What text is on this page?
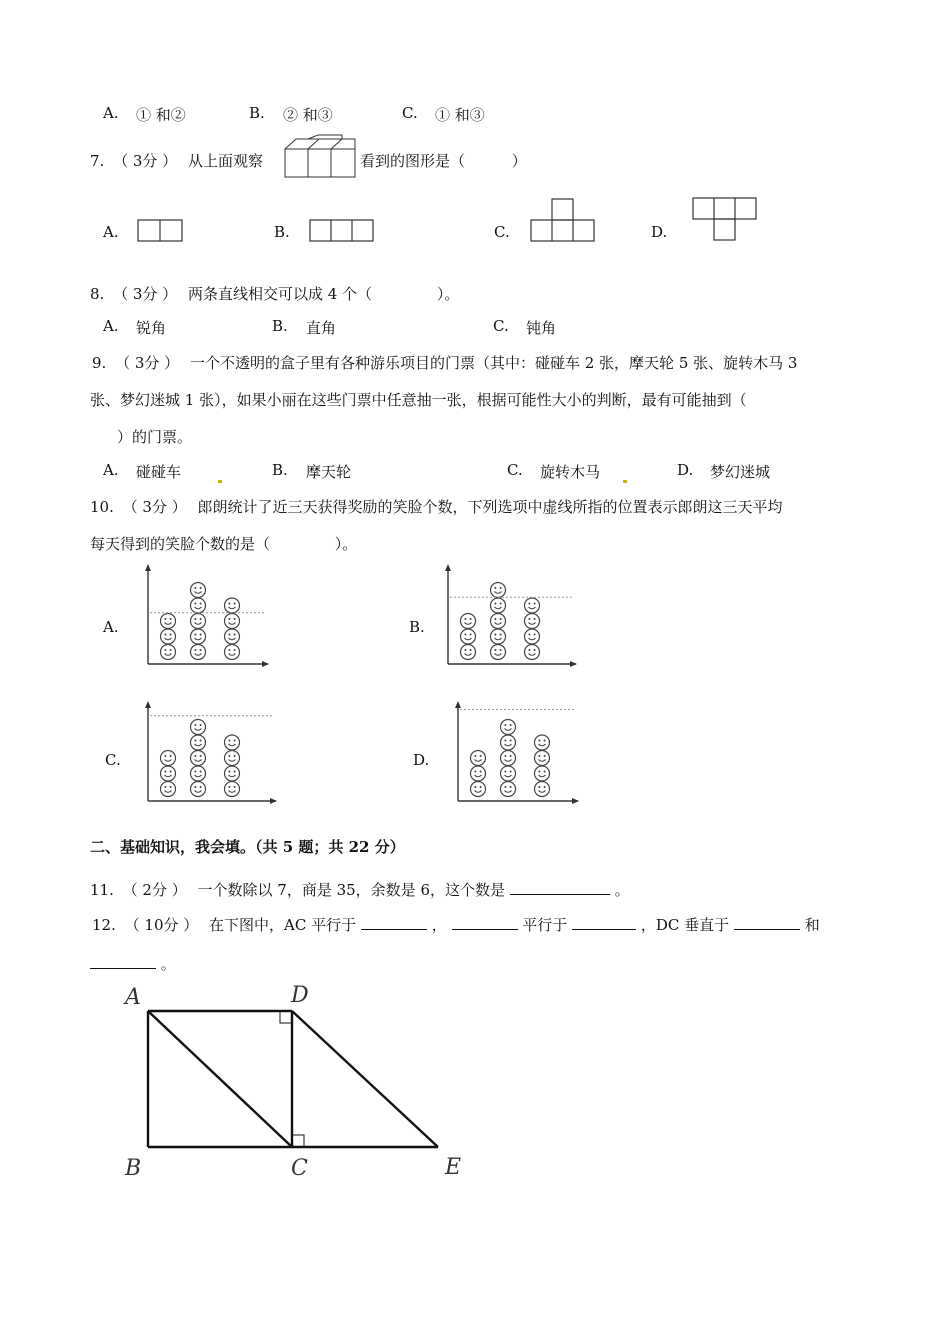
A. ① 和②	B. ② 和③	C. ① 和③
7. （ 3分 ） 从上面观察	看到的图形是（	）
A.	B.	C.	D.
8. （ 3分 ） 两条直线相交可以成 4 个（	）。
A. 锐角	B. 直角	C. 钝角
9. （ 3分 ） 一个不透明的盒子里有各种游乐项目的门票（其中：碰碰车 2 张，摩天轮 5 张、旋转木马 3
张、梦幻迷城 1 张），如果小丽在这些门票中任意抽一张，根据可能性大小的判断，最有可能抽到（
）的门票。
A. 碰碰车	B. 摩天轮	C. 旋转木马	D. 梦幻迷城
10. （ 3分 ） 郎朗统计了近三天获得奖励的笑脸个数，下列选项中虚线所指的位置表示郎朗这三天平均
每天得到的笑脸个数的是（	）。
A.	B.
C.	D.
二、基础知识，我会填。（共 5 题；共 22 分）
11. （ 2分 ） 一个数除以 7，商是 35，余数是 6，这个数是	。
12. （ 10分 ） 在下图中，AC 平行于	，	平行于	，DC 垂直于	和
。
A	D
B	C	E
